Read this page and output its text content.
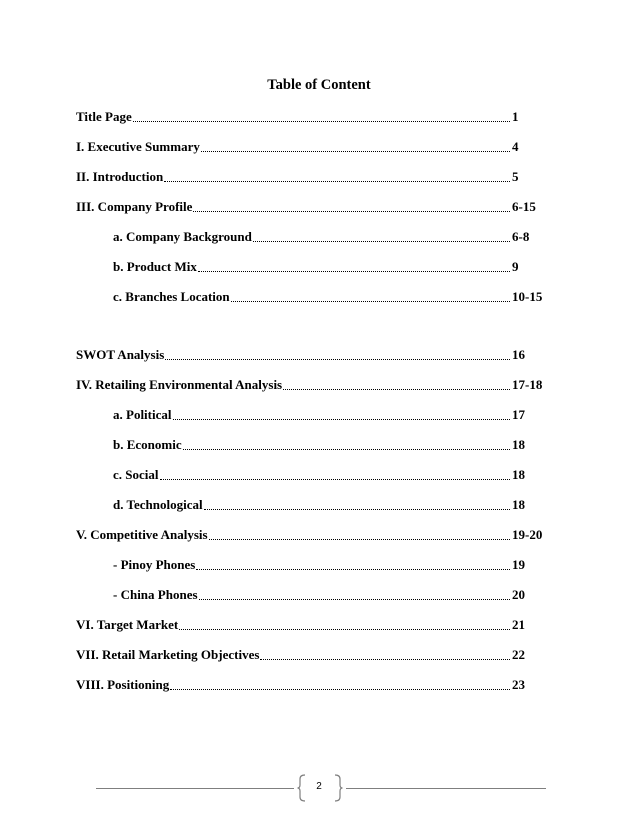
Table of Content
Title Page	1
I. Executive Summary	4
II. Introduction	5
III. Company Profile	6-15
a. Company Background	6-8
b. Product Mix	9
c. Branches Location	10-15
SWOT Analysis	16
IV. Retailing Environmental Analysis	17-18
a. Political	17
b. Economic	18
c. Social	18
d. Technological	18
V. Competitive Analysis	19-20
- Pinoy Phones	19
- China Phones	20
VI. Target Market	21
VII. Retail Marketing Objectives	22
VIII. Positioning	23
2
